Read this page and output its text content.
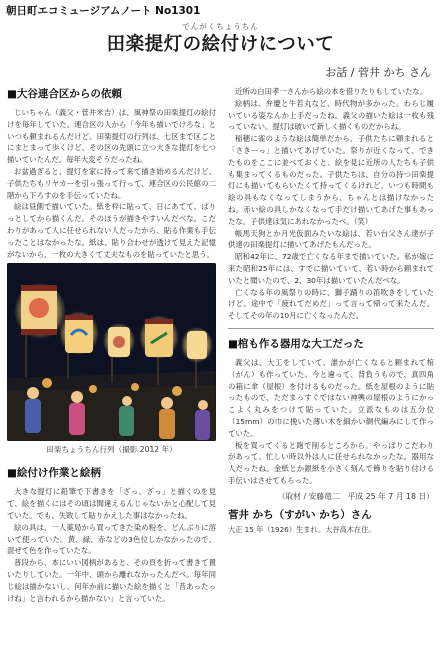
朝日町エコミュージアムノート No1301
でんがくちょうちん
田楽提灯の絵付けについて
お話 / 菅井 かち さん
■大谷連合区からの依頼

じいちゃん（義父・菅井米吉）は、風神祭の田楽提灯の絵付けを毎年していた。連合区の人から「今年も描いでけろな」といつも頼まれるんだけど。田楽提灯の行列は、七区まで区ごとにまとまって歩くけど、その区の先頭に立つ大きな提灯を七つ描いていたんだ。毎年大変そうだったね。

お盆過ぎると、提灯を家に持って来て描き始めるんだけど、子供たちもリヤカーを引っ張って行って、連合区の公民館の二階から下ろすのを手伝っていたね。

絵は昼側で描いていた。紙を枠に貼って、日にあてて、ぱりっとしてから描くんだ。そのほうが描きやすいんだべな。こだわりがあって人に任せられない人だったから、貼る作業も手伝ったことはなかったな。紙は、貼り合わせが透けて見えた記憶がないから、一枚の大きくて丈夫なものを貼っていたと思う。

田楽ちょうちん行列（撮影 2012 年）
■絵付け作業と絵柄

大きな提灯に鉛筆で下書きを「ざっ、ざっ」と描くのを見て、絵を描くにはその頃は間違えるんじゃないかと心配して見ていた。でも、失敗して貼りかえした事はなかったね。

絵の具は、一人薬局から買ってきた染め粉を、どんぶりに溶いて使っていた。黄、緑、赤などの3色位しかなかったので、混ぜて色を作っていたな。

普段から、本にいい図柄があると、その頁を折って書きて置いたりしていた。一年中、頭から離れなかったんだべ。毎年同じ絵は描かないし、何年か前に描いた絵を描くと「昔あったっけね」と言われるから描かない」と言っていた。

近所の白田孝一さんから絵の本を借りたりもしていたな。

絵柄は、弁慶と牛若丸など、時代物が多かった。わらじ履いている姿なんか上手だったね。義父の描いた絵は一枚も残っていない。提灯は破いて新しく描くものだからね。

稲穂に雀のような絵は簡単だから、子供たちに頼まれると「さきーっ」と描いてあげていた。祭りが近くなって、できたものをここに並べておくと、絵を見に近所の人たちも子供も集まってくるものだった。子供たちは、自分の持つ田楽提灯にも描いてもらいたくて持ってくるけれど、いつも時間も絵の具もなくなってしまうから、ちゃんとは描けなかったね。赤い絵の具しかなくなって手だけ描いてあげた事もあったな。子供達は気にあれなかったべ。（笑）

帳馬天狗とか月光仮面みたいな絵は、若い台父さん達が子供達の田楽提灯に描いてあげたもんだった。

昭和42年に、72歳で亡くなる年まで描いていた。私が嫁に来た昭和25年には、すでに描いていて、若い時から頼まれていたと聞いたので、2、30年は描いていたんだべな。

亡くなる年の風祭りの時に、獅子踊りの笛吹きをしていたけど、途中で「疲れてだめだ」って言って帰って来たんだ。そしてその年の10月に亡くなったんだ。

■棺も作る器用な大工だった

義父は、大工をしていて、誰かが亡くなると頼まれて棺（がん）も作っていた。今と違って、背負うもので、真四角の箱に傘（屋根）を付けるものだった。紙を屋根のように貼ったもので、ただまっすぐではない神輿の屋根のようにかっこよく丸みをつけて貼っていた。立派なものは五分位（15mm）の巾に挽いた薄い木を細かい網代編みにして作っていた。

板を買ってくると鉋で削るところから。やっぱりこだわりがあって、忙しい時以外は人に任せられなかったな。器用な人だったね。金紙とか銀紙を小さく刻んで飾りを貼り付ける手伝いはさせてもらった。

（取材 / 安藤竜二　平成 25 年 7 月 18 日）
菅井 かち（すがい かち）さん
大正 15 年（1926）生まれ。大谷高木在住。
